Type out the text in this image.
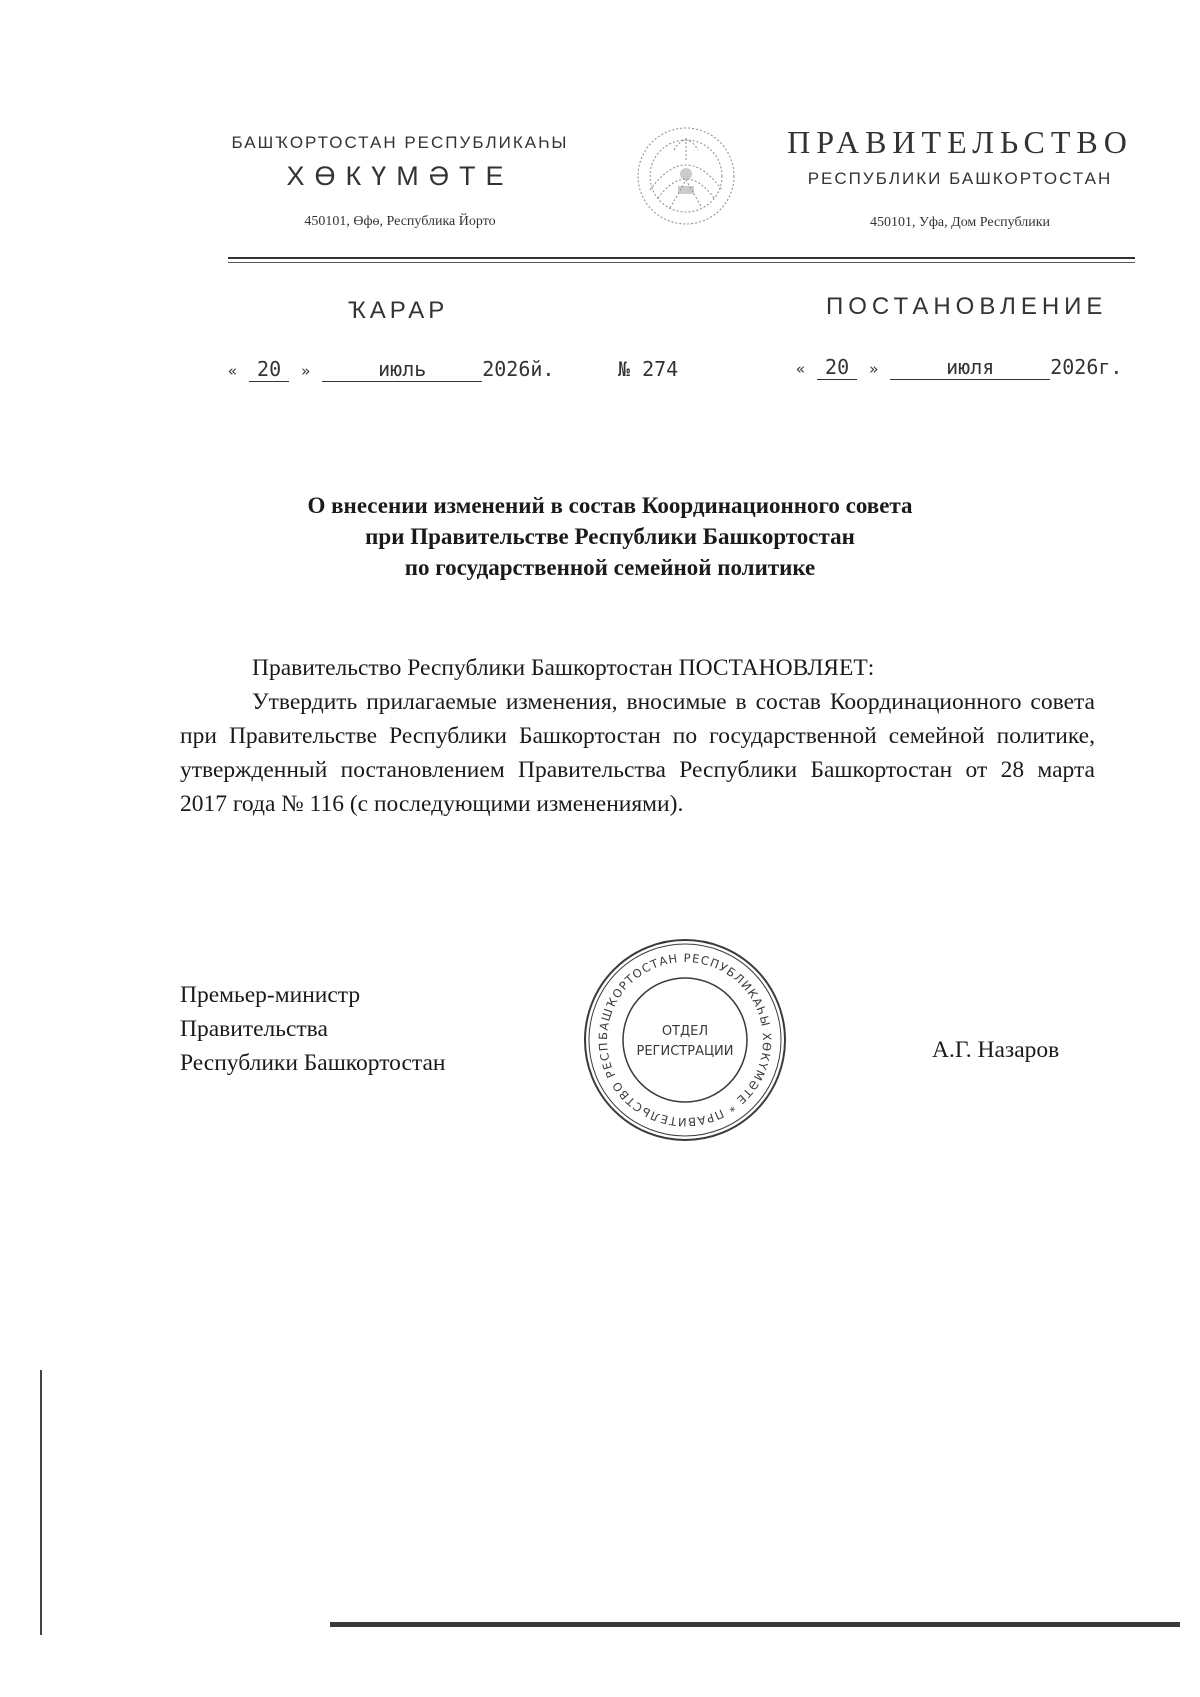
БАШҠОРТОСТАН РЕСПУБЛИКАҺЫ
ХӨКҮМӘТЕ
450101, Өфө, Республика Йорто
ПРАВИТЕЛЬСТВО
РЕСПУБЛИКИ БАШКОРТОСТАН
450101, Уфа, Дом Республики
ҠАРАР	ПОСТАНОВЛЕНИЕ
« 20 »	июль	2026й.	№ 274	« 20 »	июля	2026г.
О внесении изменений в состав Координационного совета
при Правительстве Республики Башкортостан
по государственной семейной политике
Правительство Республики Башкортостан ПОСТАНОВЛЯЕТ:
Утвердить прилагаемые изменения, вносимые в состав Координационного совета при Правительстве Республики Башкортостан по государственной семейной политике, утвержденный постановлением Правительства Республики Башкортостан от 28 марта 2017 года № 116 (с последующими изменениями).
Премьер-министр
Правительства
Республики Башкортостан	А.Г. Назаров
БАШҠОРТОСТАН РЕСПУБЛИКАҺЫ ХӨКҮМӘТЕ * ПРАВИТЕЛЬСТВО РЕСП
ОТДЕЛ
РЕГИСТРАЦИИ
